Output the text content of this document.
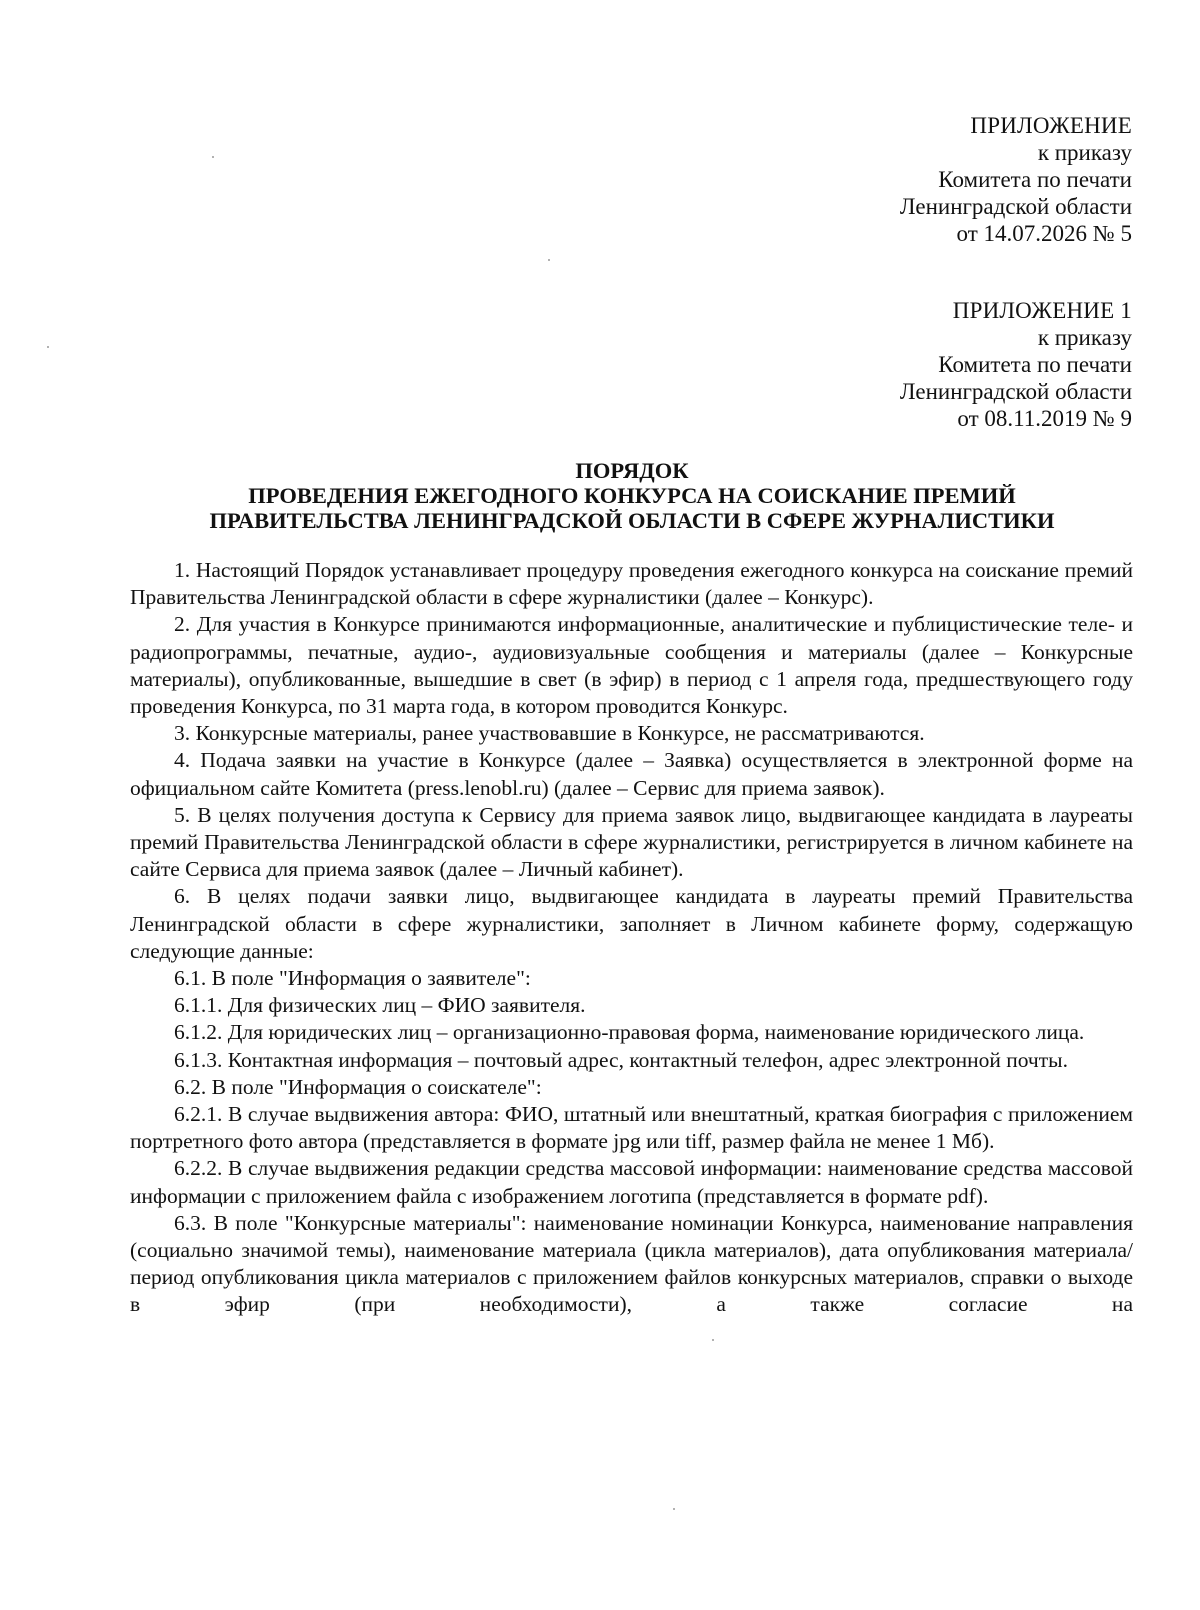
ПРИЛОЖЕНИЕ
к приказу
Комитета по печати
Ленинградской области
от 14.07.2026 № 5
ПРИЛОЖЕНИЕ 1
к приказу
Комитета по печати
Ленинградской области
от 08.11.2019 № 9
ПОРЯДОК
ПРОВЕДЕНИЯ ЕЖЕГОДНОГО КОНКУРСА НА СОИСКАНИЕ ПРЕМИЙ
ПРАВИТЕЛЬСТВА ЛЕНИНГРАДСКОЙ ОБЛАСТИ В СФЕРЕ ЖУРНАЛИСТИКИ

1. Настоящий Порядок устанавливает процедуру проведения ежегодного конкурса на соискание премий Правительства Ленинградской области в сфере журналистики (далее – Конкурс).

2. Для участия в Конкурсе принимаются информационные, аналитические и публицистические теле- и радиопрограммы, печатные, аудио-, аудиовизуальные сообщения и материалы (далее – Конкурсные материалы), опубликованные, вышедшие в свет (в эфир) в период с 1 апреля года, предшествующего году проведения Конкурса, по 31 марта года, в котором проводится Конкурс.

3. Конкурсные материалы, ранее участвовавшие в Конкурсе, не рассматриваются.

4. Подача заявки на участие в Конкурсе (далее – Заявка) осуществляется в электронной форме на официальном сайте Комитета (press.lenobl.ru) (далее – Сервис для приема заявок).

5. В целях получения доступа к Сервису для приема заявок лицо, выдвигающее кандидата в лауреаты премий Правительства Ленинградской области в сфере журналистики, регистрируется в личном кабинете на сайте Сервиса для приема заявок (далее – Личный кабинет).

6. В целях подачи заявки лицо, выдвигающее кандидата в лауреаты премий Правительства Ленинградской области в сфере журналистики, заполняет в Личном кабинете форму, содержащую следующие данные:

6.1. В поле "Информация о заявителе":

6.1.1. Для физических лиц – ФИО заявителя.

6.1.2. Для юридических лиц – организационно-правовая форма, наименование юридического лица.

6.1.3. Контактная информация – почтовый адрес, контактный телефон, адрес электронной почты.

6.2. В поле "Информация о соискателе":

6.2.1. В случае выдвижения автора: ФИО, штатный или внештатный, краткая биография с приложением портретного фото автора (представляется в формате jpg или tiff, размер файла не менее 1 Мб).

6.2.2. В случае выдвижения редакции средства массовой информации: наименование средства массовой информации с приложением файла с изображением логотипа (представляется в формате pdf).

6.3. В поле "Конкурсные материалы": наименование номинации Конкурса, наименование направления (социально значимой темы), наименование материала (цикла материалов), дата опубликования материала/период опубликования цикла материалов с приложением файлов конкурсных материалов, справки о выходе в эфир (при необходимости), а также согласие на
